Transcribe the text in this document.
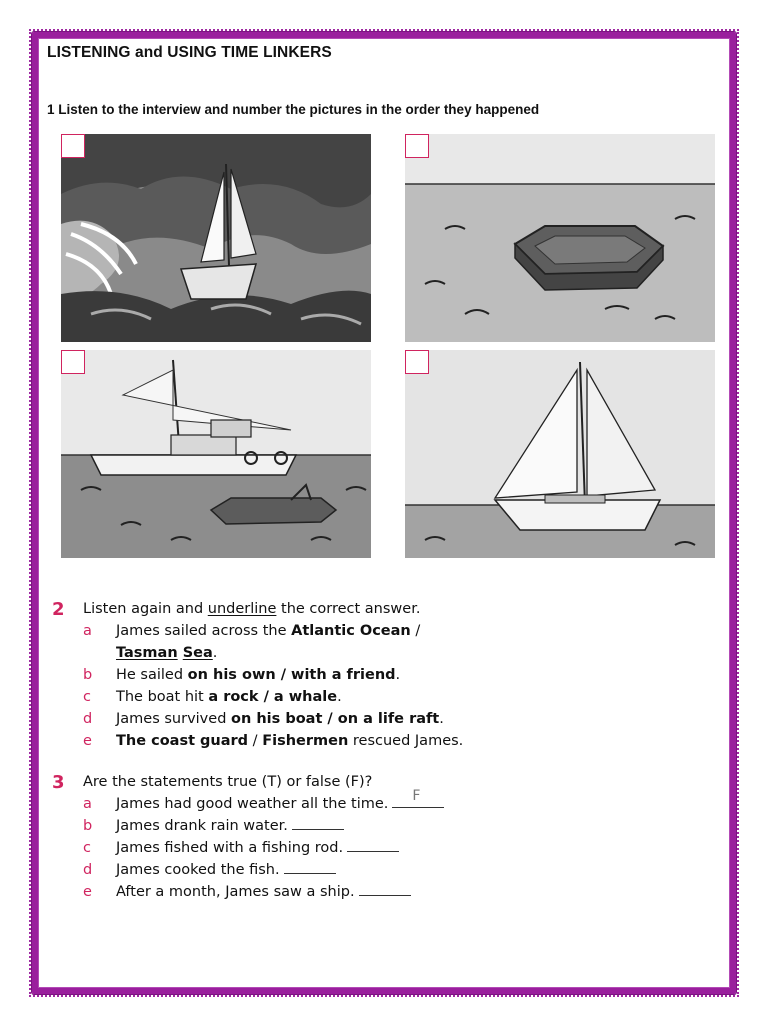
LISTENING and USING TIME LINKERS
1 Listen to the interview and number the pictures in the order they happened
2 Listen again and underline the correct answer.
a James sailed across the Atlantic Ocean /
Tasman Sea.
b He sailed on his own / with a friend.
c The boat hit a rock / a whale.
d James survived on his boat / on a life raft.
e The coast guard / Fishermen rescued James.
3 Are the statements true (T) or false (F)?
a James had good weather all the time. F
b James drank rain water.
c James fished with a fishing rod.
d James cooked the fish.
e After a month, James saw a ship.
